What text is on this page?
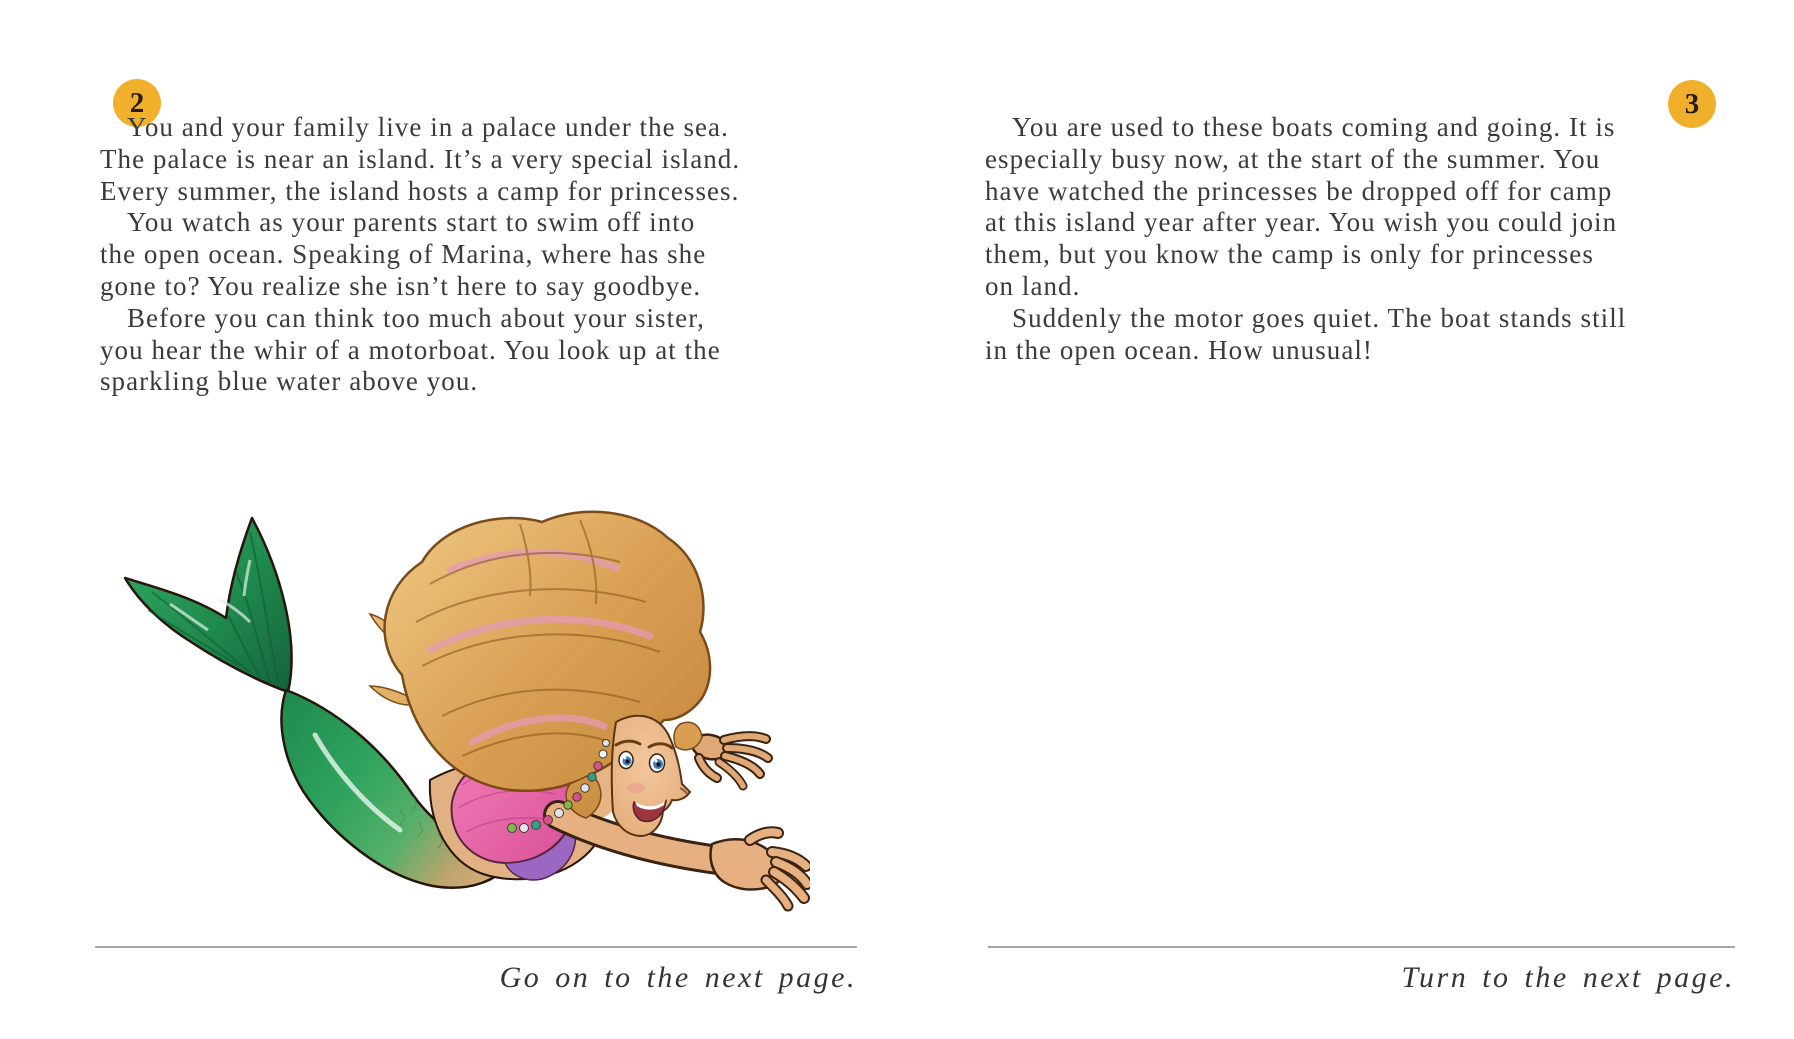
2

You and your family live in a palace under the sea.
The palace is near an island. It’s a very special island.
Every summer, the island hosts a camp for princesses.

You watch as your parents start to swim off into
the open ocean. Speaking of Marina, where has she
gone to? You realize she isn’t here to say goodbye.

Before you can think too much about your sister,
you hear the whir of a motorboat. You look up at the
sparkling blue water above you.

Go on to the next page.
3

You are used to these boats coming and going. It is
especially busy now, at the start of the summer. You
have watched the princesses be dropped off for camp
at this island year after year. You wish you could join
them, but you know the camp is only for princesses
on land.

Suddenly the motor goes quiet. The boat stands still
in the open ocean. How unusual!

Turn to the next page.
